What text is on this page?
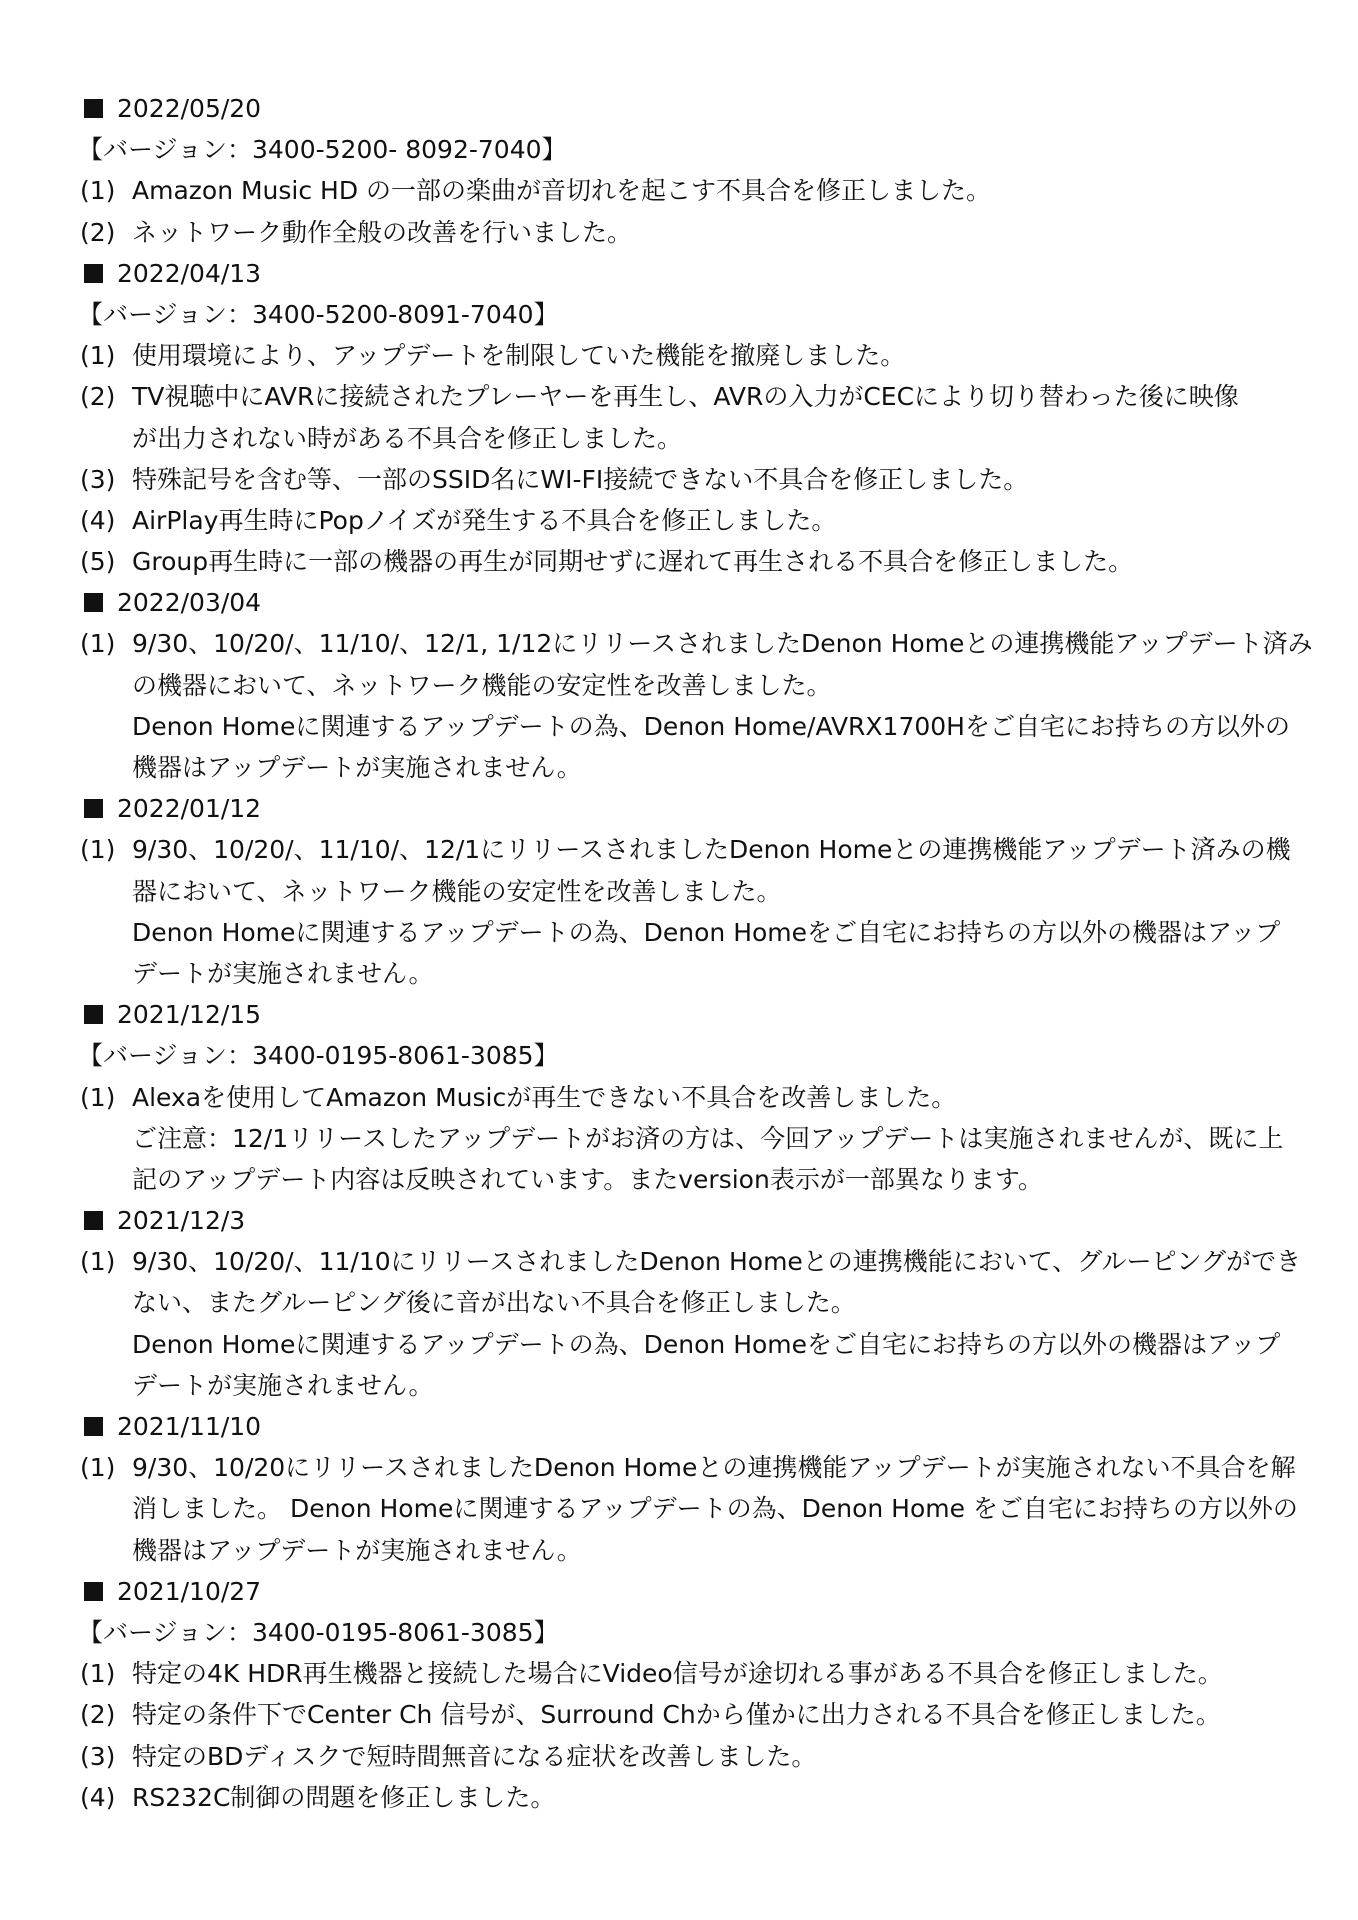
2022/05/20
【バージョン：3400-5200- 8092-7040】
(1) Amazon Music HD の一部の楽曲が音切れを起こす不具合を修正しました。
(2) ネットワーク動作全般の改善を行いました。
2022/04/13
【バージョン：3400-5200-8091-7040】
(1) 使用環境により、アップデートを制限していた機能を撤廃しました。
(2) TV視聴中にAVRに接続されたプレーヤーを再生し、AVRの入力がCECにより切り替わった後に映像
が出力されない時がある不具合を修正しました。
(3) 特殊記号を含む等、一部のSSID名にWI-FI接続できない不具合を修正しました。
(4) AirPlay再生時にPopノイズが発生する不具合を修正しました。
(5) Group再生時に一部の機器の再生が同期せずに遅れて再生される不具合を修正しました。
2022/03/04
(1) 9/30、10/20/、11/10/、12/1, 1/12にリリースされましたDenon Homeとの連携機能アップデート済み
の機器において、ネットワーク機能の安定性を改善しました。
Denon Homeに関連するアップデートの為、Denon Home/AVRX1700Hをご自宅にお持ちの方以外の
機器はアップデートが実施されません。
2022/01/12
(1) 9/30、10/20/、11/10/、12/1にリリースされましたDenon Homeとの連携機能アップデート済みの機
器において、ネットワーク機能の安定性を改善しました。
Denon Homeに関連するアップデートの為、Denon Homeをご自宅にお持ちの方以外の機器はアップ
デートが実施されません。
2021/12/15
【バージョン：3400-0195-8061-3085】
(1) Alexaを使用してAmazon Musicが再生できない不具合を改善しました。
ご注意：12/1リリースしたアップデートがお済の方は、今回アップデートは実施されませんが、既に上
記のアップデート内容は反映されています。またversion表示が一部異なります。
2021/12/3
(1) 9/30、10/20/、11/10にリリースされましたDenon Homeとの連携機能において、グルーピングができ
ない、またグルーピング後に音が出ない不具合を修正しました。
Denon Homeに関連するアップデートの為、Denon Homeをご自宅にお持ちの方以外の機器はアップ
デートが実施されません。
2021/11/10
(1) 9/30、10/20にリリースされましたDenon Homeとの連携機能アップデートが実施されない不具合を解
消しました。 Denon Homeに関連するアップデートの為、Denon Home をご自宅にお持ちの方以外の
機器はアップデートが実施されません。
2021/10/27
【バージョン：3400-0195-8061-3085】
(1) 特定の4K HDR再生機器と接続した場合にVideo信号が途切れる事がある不具合を修正しました。
(2) 特定の条件下でCenter Ch 信号が、Surround Chから僅かに出力される不具合を修正しました。
(3) 特定のBDディスクで短時間無音になる症状を改善しました。
(4) RS232C制御の問題を修正しました。
